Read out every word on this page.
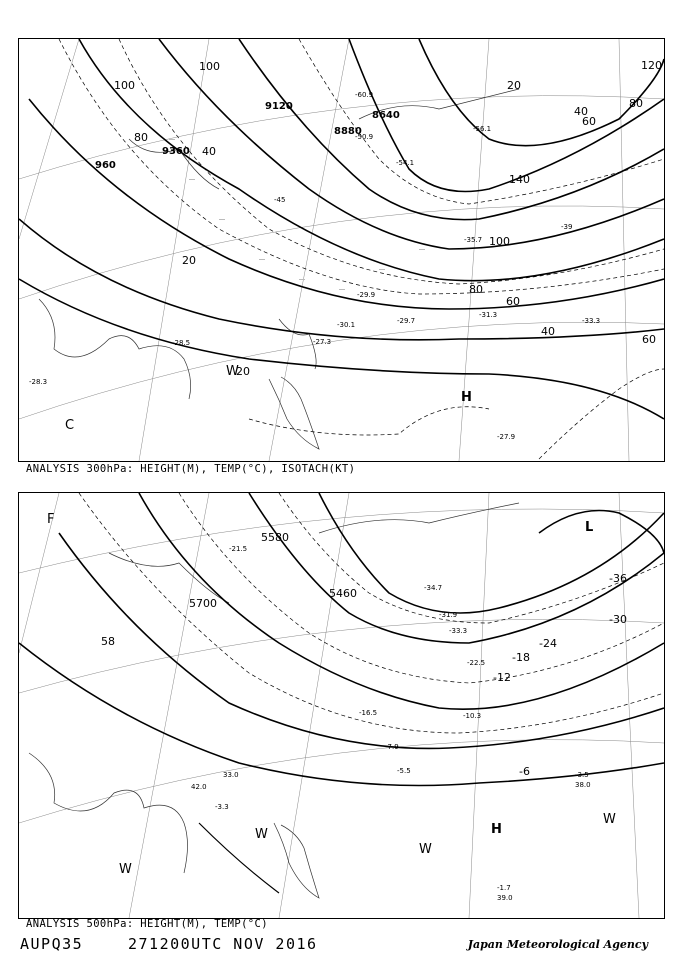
9120
8640
8880
9360
960
100
80
40
20
40
60
80
100
120
140
100
80
60
40
60
20
-27.3
-29.7
-30.1
-31.3
-33.3
-35.7
-39
-45
-50.9
-54.1
-56.1
-60.9
-29.9
-28.5
-28.3
-27.9
H
C
W
20
ANALYSIS 300hPa: HEIGHT(M), TEMP(°C), ISOTACH(KT)
5580
5700
5460
58
-36
-30
-24
-18
-12
-6
-16.5
-21.5
-34.7
-31.9
-33.3
-22.5
-10.3
-7.9
-5.5	-3.5
-3.3
-1.7
39.0
38.0
42.0
33.0
L
H
W
W
W
W
F
ANALYSIS 500hPa: HEIGHT(M), TEMP(°C)
AUPQ35	271200UTC NOV 2016	Japan Meteorological Agency
